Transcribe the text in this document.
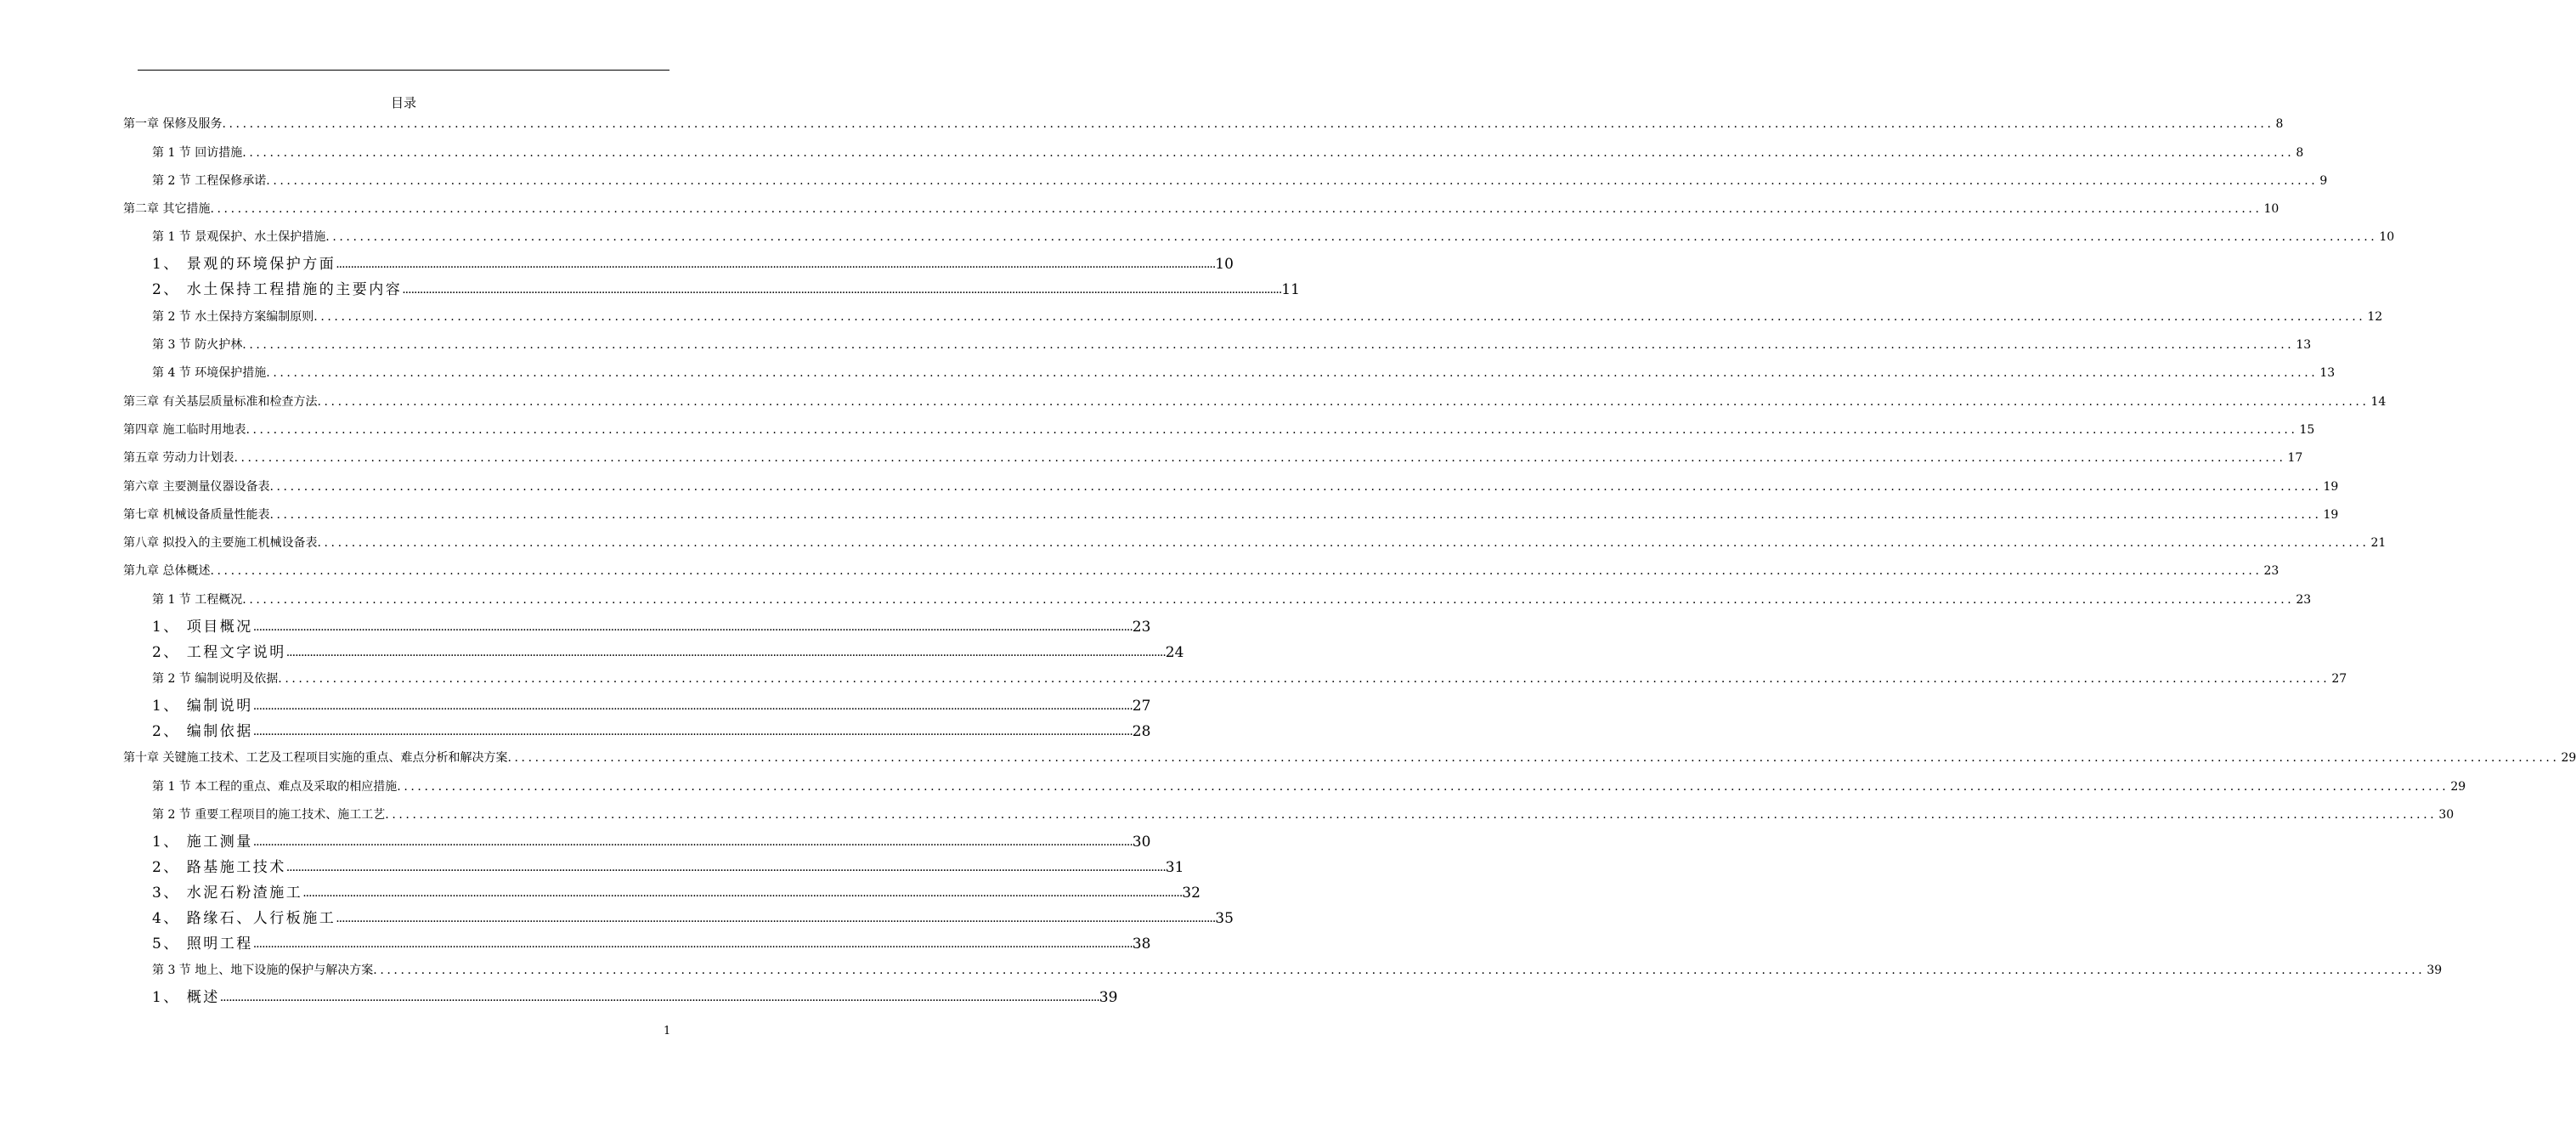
目录
第一章 保修及服务 ............................................................................................................................................................................................................................................................................................................ 8
第 1 节 回访措施 ............................................................................................................................................................................................................................................................................................................ 8
第 2 节 工程保修承诺 ............................................................................................................................................................................................................................................................................................................ 9
第二章 其它措施 ............................................................................................................................................................................................................................................................................................................ 10
第 1 节 景观保护、水土保护措施 ............................................................................................................................................................................................................................................................................................................ 10
1、 景观的环境保护方面 ............................................................................................................................................................................................................................................................................................................ 10
2、 水土保持工程措施的主要内容 ............................................................................................................................................................................................................................................................................................................ 11
第 2 节 水土保持方案编制原则 ............................................................................................................................................................................................................................................................................................................ 12
第 3 节 防火护林 ............................................................................................................................................................................................................................................................................................................ 13
第 4 节 环境保护措施 ............................................................................................................................................................................................................................................................................................................ 13
第三章 有关基层质量标准和检查方法 ............................................................................................................................................................................................................................................................................................................ 14
第四章 施工临时用地表 ............................................................................................................................................................................................................................................................................................................ 15
第五章 劳动力计划表 ............................................................................................................................................................................................................................................................................................................ 17
第六章 主要测量仪器设备表 ............................................................................................................................................................................................................................................................................................................ 19
第七章 机械设备质量性能表 ............................................................................................................................................................................................................................................................................................................ 19
第八章 拟投入的主要施工机械设备表 ............................................................................................................................................................................................................................................................................................................ 21
第九章 总体概述 ............................................................................................................................................................................................................................................................................................................ 23
第 1 节 工程概况 ............................................................................................................................................................................................................................................................................................................ 23
1、 项目概况 ............................................................................................................................................................................................................................................................................................................ 23
2、 工程文字说明 ............................................................................................................................................................................................................................................................................................................ 24
第 2 节 编制说明及依据 ............................................................................................................................................................................................................................................................................................................ 27
1、 编制说明 ............................................................................................................................................................................................................................................................................................................ 27
2、 编制依据 ............................................................................................................................................................................................................................................................................................................ 28
第十章 关键施工技术、工艺及工程项目实施的重点、难点分析和解决方案 ............................................................................................................................................................................................................................................................................................................ 29
第 1 节 本工程的重点、难点及采取的相应措施 ............................................................................................................................................................................................................................................................................................................ 29
第 2 节 重要工程项目的施工技术、施工工艺 ............................................................................................................................................................................................................................................................................................................ 30
1、 施工测量 ............................................................................................................................................................................................................................................................................................................ 30
2、 路基施工技术 ............................................................................................................................................................................................................................................................................................................ 31
3、 水泥石粉渣施工 ............................................................................................................................................................................................................................................................................................................ 32
4、 路缘石、人行板施工 ............................................................................................................................................................................................................................................................................................................ 35
5、 照明工程 ............................................................................................................................................................................................................................................................................................................ 38
第 3 节 地上、地下设施的保护与解决方案 ............................................................................................................................................................................................................................................................................................................ 39
1、 概述 ............................................................................................................................................................................................................................................................................................................ 39
1
